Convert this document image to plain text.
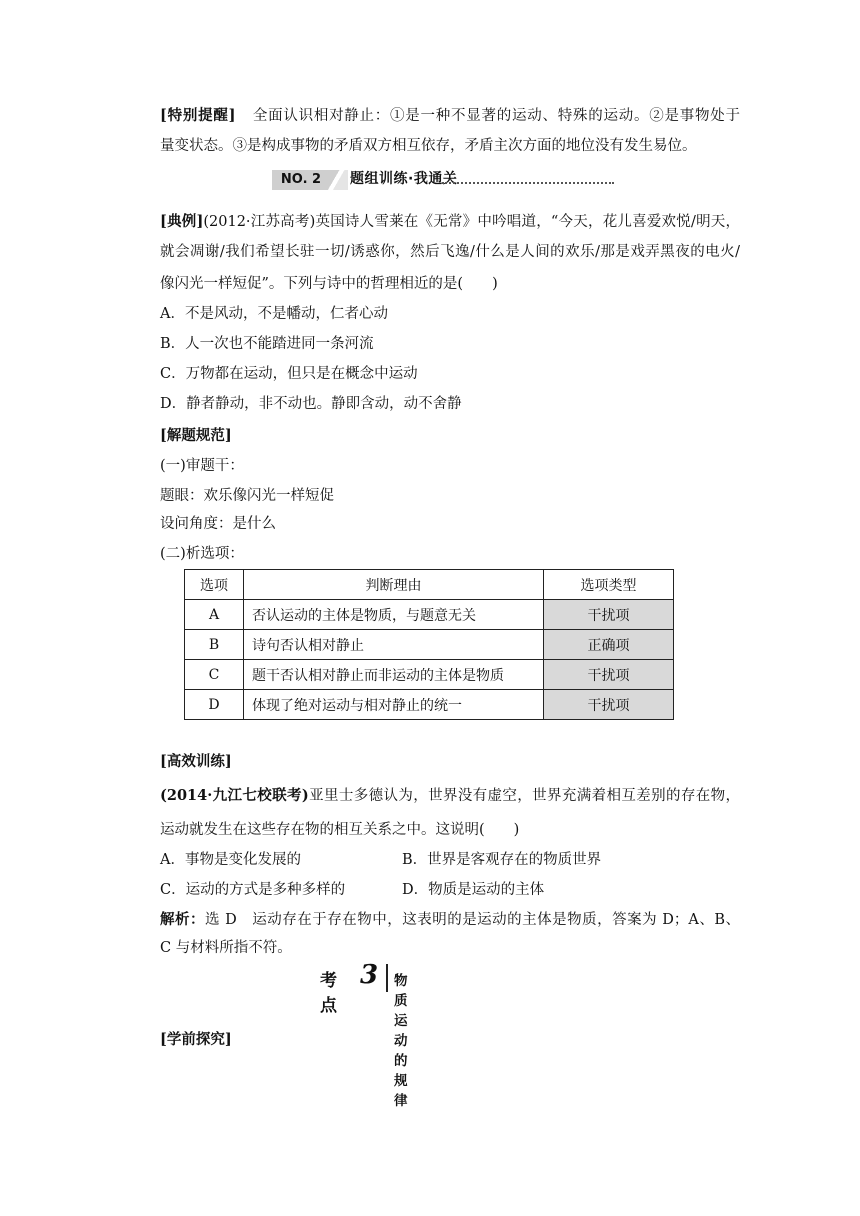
[特别提醒] 全面认识相对静止：①是一种不显著的运动、特殊的运动。②是事物处于
量变状态。③是构成事物的矛盾双方相互依存，矛盾主次方面的地位没有发生易位。
NO. 2	题组训练·我通关
[典例](2012·江苏高考)英国诗人雪莱在《无常》中吟唱道，“今天，花儿喜爱欢悦/明天，
就会凋谢/我们希望长驻一切/诱惑你，然后飞逸/什么是人间的欢乐/那是戏弄黑夜的电火/
像闪光一样短促”。下列与诗中的哲理相近的是(　　)
A．不是风动，不是幡动，仁者心动
B．人一次也不能踏进同一条河流
C．万物都在运动，但只是在概念中运动
D．静者静动，非不动也。静即含动，动不舍静
[解题规范]
(一)审题干：
题眼：欢乐像闪光一样短促
设问角度：是什么
(二)析选项：
选项	判断理由	选项类型
A	否认运动的主体是物质，与题意无关	干扰项
B	诗句否认相对静止	正确项
C	题干否认相对静止而非运动的主体是物质	干扰项
D	体现了绝对运动与相对静止的统一	干扰项
[高效训练]
(2014·九江七校联考)亚里士多德认为，世界没有虚空，世界充满着相互差别的存在物，
运动就发生在这些存在物的相互关系之中。这说明(　　)
A．事物是变化发展的	B．世界是客观存在的物质世界
C．运动的方式是多种多样的	D．物质是运动的主体
解析：选 D　运动存在于存在物中，这表明的是运动的主体是物质，答案为 D；A、B、
C 与材料所指不符。
考点
3 物质运动的规律
[学前探究]
